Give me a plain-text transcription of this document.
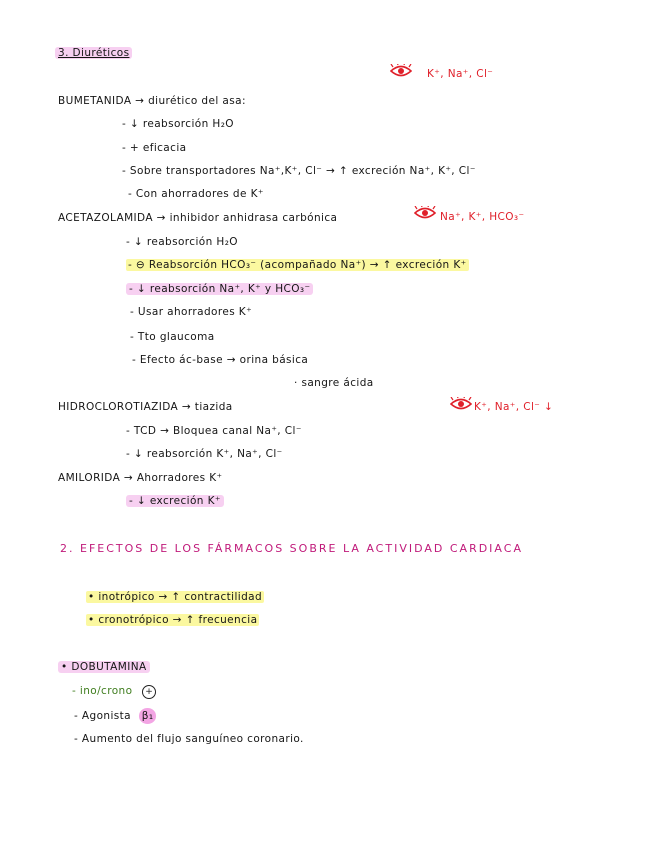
3. Diuréticos
K⁺, Na⁺, Cl⁻
BUMETANIDA → diurético del asa:
- ↓ reabsorción H₂O
- + eficacia
- Sobre transportadores Na⁺,K⁺, Cl⁻ → ↑ excreción Na⁺, K⁺, Cl⁻
- Con ahorradores de K⁺
ACETAZOLAMIDA → inhibidor anhidrasa carbónica	Na⁺, K⁺, HCO₃⁻
- ↓ reabsorción H₂O
- ⊖ Reabsorción HCO₃⁻ (acompañado Na⁺) → ↑ excreción K⁺
- ↓ reabsorción Na⁺, K⁺ y HCO₃⁻
- Usar ahorradores K⁺
- Tto glaucoma
- Efecto ác-base → orina básica
· sangre ácida
HIDROCLOROTIAZIDA → tiazida	K⁺, Na⁺, Cl⁻ ↓
- TCD → Bloquea canal Na⁺, Cl⁻
- ↓ reabsorción K⁺, Na⁺, Cl⁻
AMILORIDA → Ahorradores K⁺
- ↓ excreción K⁺
2. EFECTOS DE LOS FÁRMACOS SOBRE LA ACTIVIDAD CARDIACA
• inotrópico → ↑ contractilidad
• cronotrópico → ↑ frecuencia
• DOBUTAMINA
- ino/crono +
- Agonista β₁
- Aumento del flujo sanguíneo coronario.
